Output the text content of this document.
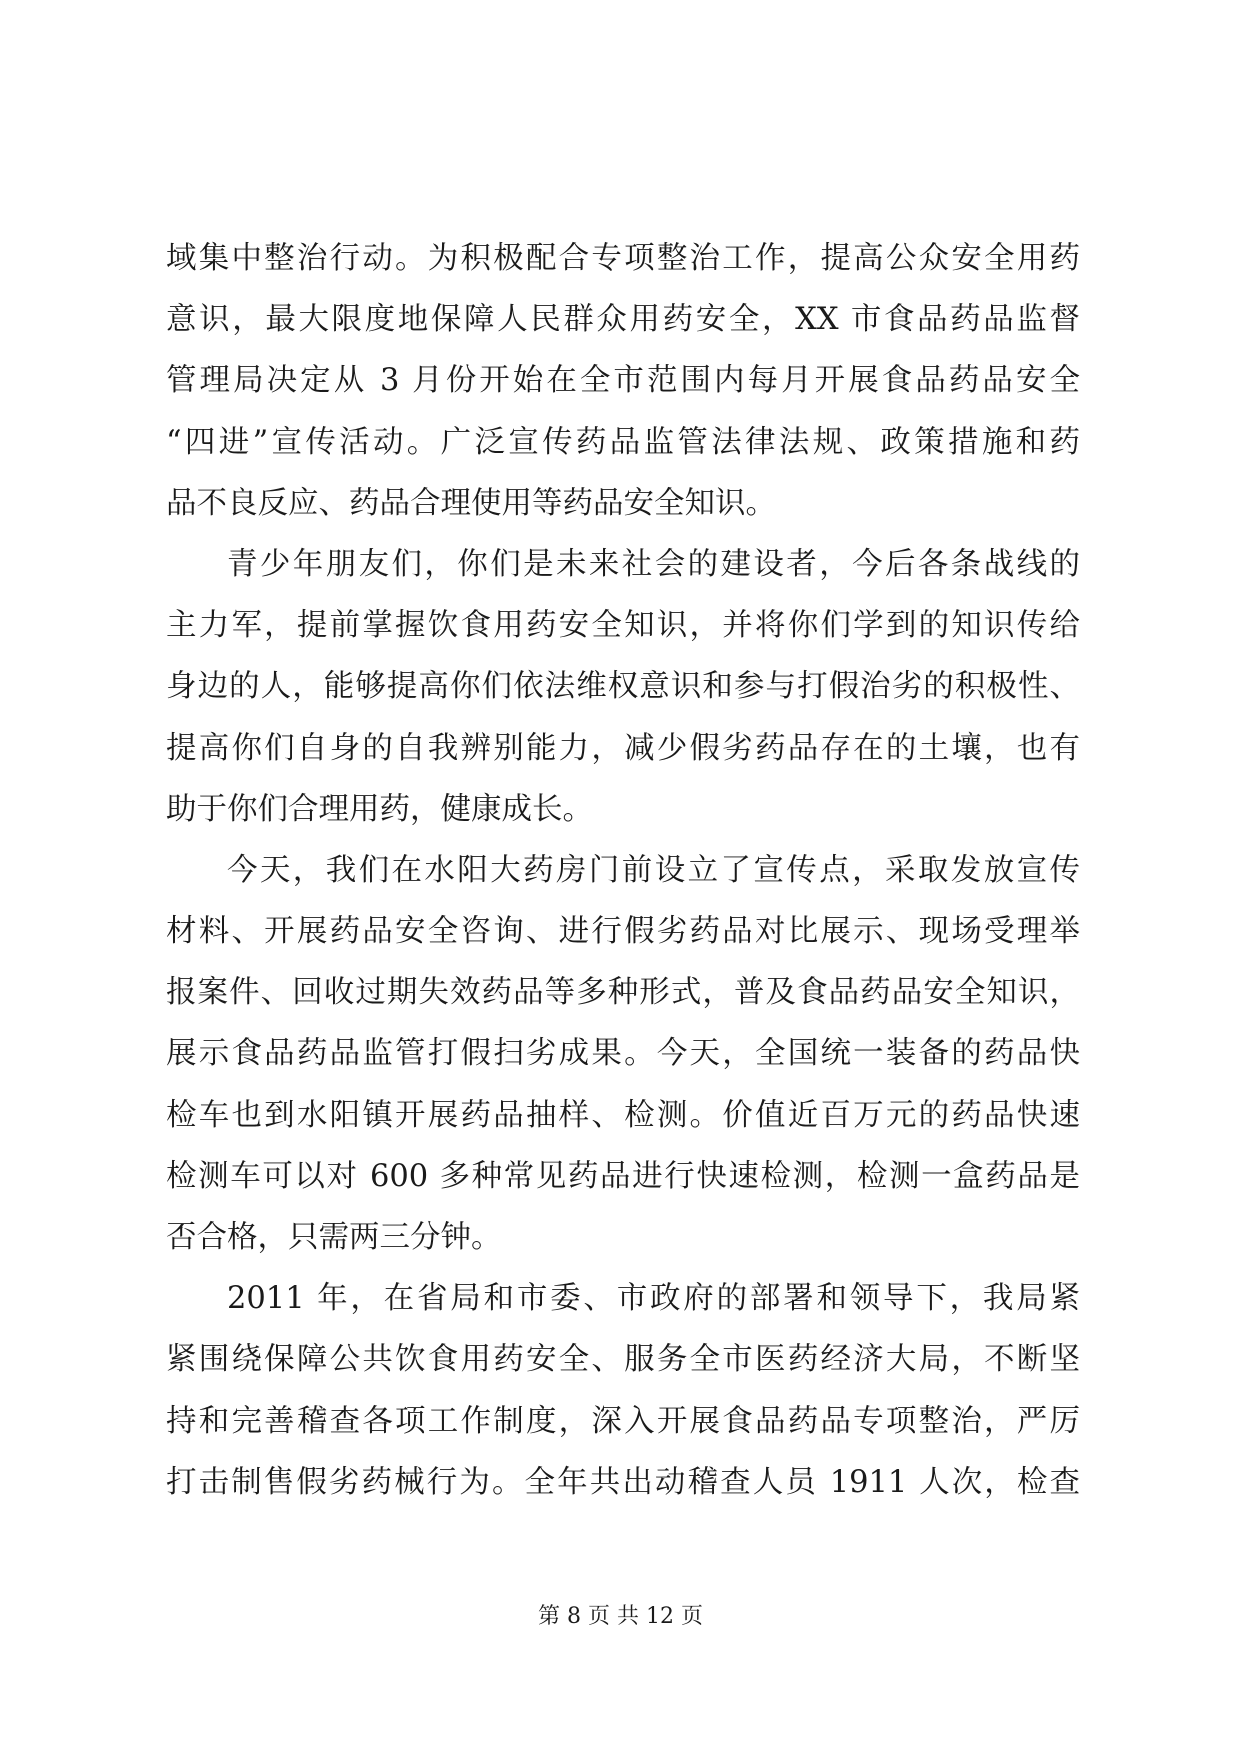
域集中整治行动。为积极配合专项整治工作，提高公众安全用药
意识，最大限度地保障人民群众用药安全，XX 市食品药品监督
管理局决定从 3 月份开始在全市范围内每月开展食品药品安全
“四进”宣传活动。广泛宣传药品监管法律法规、政策措施和药
品不良反应、药品合理使用等药品安全知识。
青少年朋友们，你们是未来社会的建设者，今后各条战线的
主力军，提前掌握饮食用药安全知识，并将你们学到的知识传给
身边的人，能够提高你们依法维权意识和参与打假治劣的积极性、
提高你们自身的自我辨别能力，减少假劣药品存在的土壤，也有
助于你们合理用药，健康成长。
今天，我们在水阳大药房门前设立了宣传点，采取发放宣传
材料、开展药品安全咨询、进行假劣药品对比展示、现场受理举
报案件、回收过期失效药品等多种形式，普及食品药品安全知识，
展示食品药品监管打假扫劣成果。今天，全国统一装备的药品快
检车也到水阳镇开展药品抽样、检测。价值近百万元的药品快速
检测车可以对 600 多种常见药品进行快速检测，检测一盒药品是
否合格，只需两三分钟。
2011 年，在省局和市委、市政府的部署和领导下，我局紧
紧围绕保障公共饮食用药安全、服务全市医药经济大局，不断坚
持和完善稽查各项工作制度，深入开展食品药品专项整治，严厉
打击制售假劣药械行为。全年共出动稽查人员 1911 人次，检查
第 8 页 共 12 页
